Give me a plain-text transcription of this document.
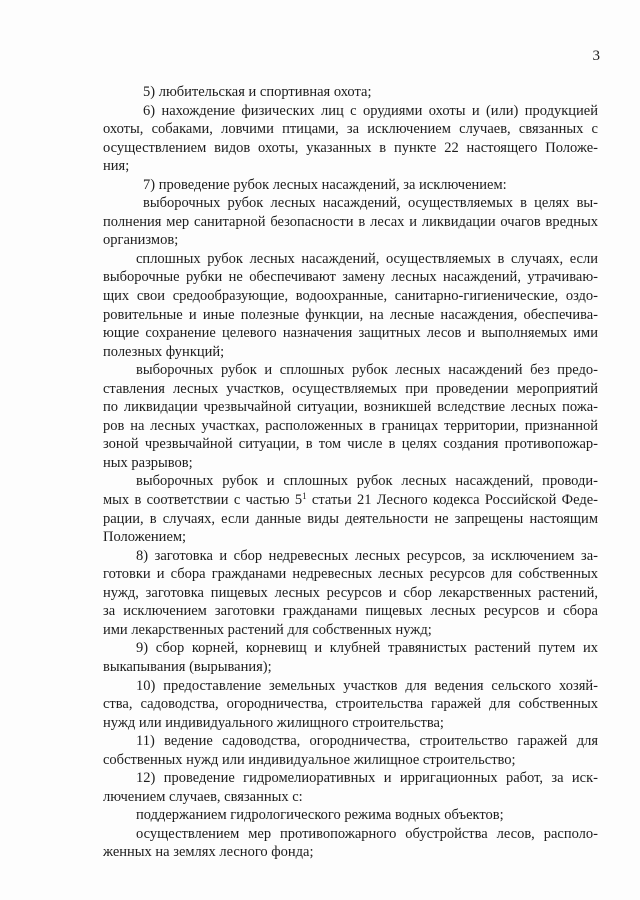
3
5) любительская и спортивная охота;
6) нахождение физических лиц с орудиями охоты и (или) продукцией
охоты, собаками, ловчими птицами, за исключением случаев, связанных с
осуществлением видов охоты, указанных в пункте 22 настоящего Положе-
ния;
7) проведение рубок лесных насаждений, за исключением:
выборочных рубок лесных насаждений, осуществляемых в целях вы-
полнения мер санитарной безопасности в лесах и ликвидации очагов вредных
организмов;
сплошных рубок лесных насаждений, осуществляемых в случаях, если
выборочные рубки не обеспечивают замену лесных насаждений, утрачиваю-
щих свои средообразующие, водоохранные, санитарно-гигиенические, оздо-
ровительные и иные полезные функции, на лесные насаждения, обеспечива-
ющие сохранение целевого назначения защитных лесов и выполняемых ими
полезных функций;
выборочных рубок и сплошных рубок лесных насаждений без предо-
ставления лесных участков, осуществляемых при проведении мероприятий
по ликвидации чрезвычайной ситуации, возникшей вследствие лесных пожа-
ров на лесных участках, расположенных в границах территории, признанной
зоной чрезвычайной ситуации, в том числе в целях создания противопожар-
ных разрывов;
выборочных рубок и сплошных рубок лесных насаждений, проводи-
мых в соответствии с частью $5^1$ статьи 21 Лесного кодекса Российской Феде-
рации, в случаях, если данные виды деятельности не запрещены настоящим
Положением;
8) заготовка и сбор недревесных лесных ресурсов, за исключением за-
готовки и сбора гражданами недревесных лесных ресурсов для собственных
нужд, заготовка пищевых лесных ресурсов и сбор лекарственных растений,
за исключением заготовки гражданами пищевых лесных ресурсов и сбора
ими лекарственных растений для собственных нужд;
9) сбор корней, корневищ и клубней травянистых растений путем их
выкапывания (вырывания);
10) предоставление земельных участков для ведения сельского хозяй-
ства, садоводства, огородничества, строительства гаражей для собственных
нужд или индивидуального жилищного строительства;
11) ведение садоводства, огородничества, строительство гаражей для
собственных нужд или индивидуальное жилищное строительство;
12) проведение гидромелиоративных и ирригационных работ, за иск-
лючением случаев, связанных с:
поддержанием гидрологического режима водных объектов;
осуществлением мер противопожарного обустройства лесов, располо-
женных на землях лесного фонда;
